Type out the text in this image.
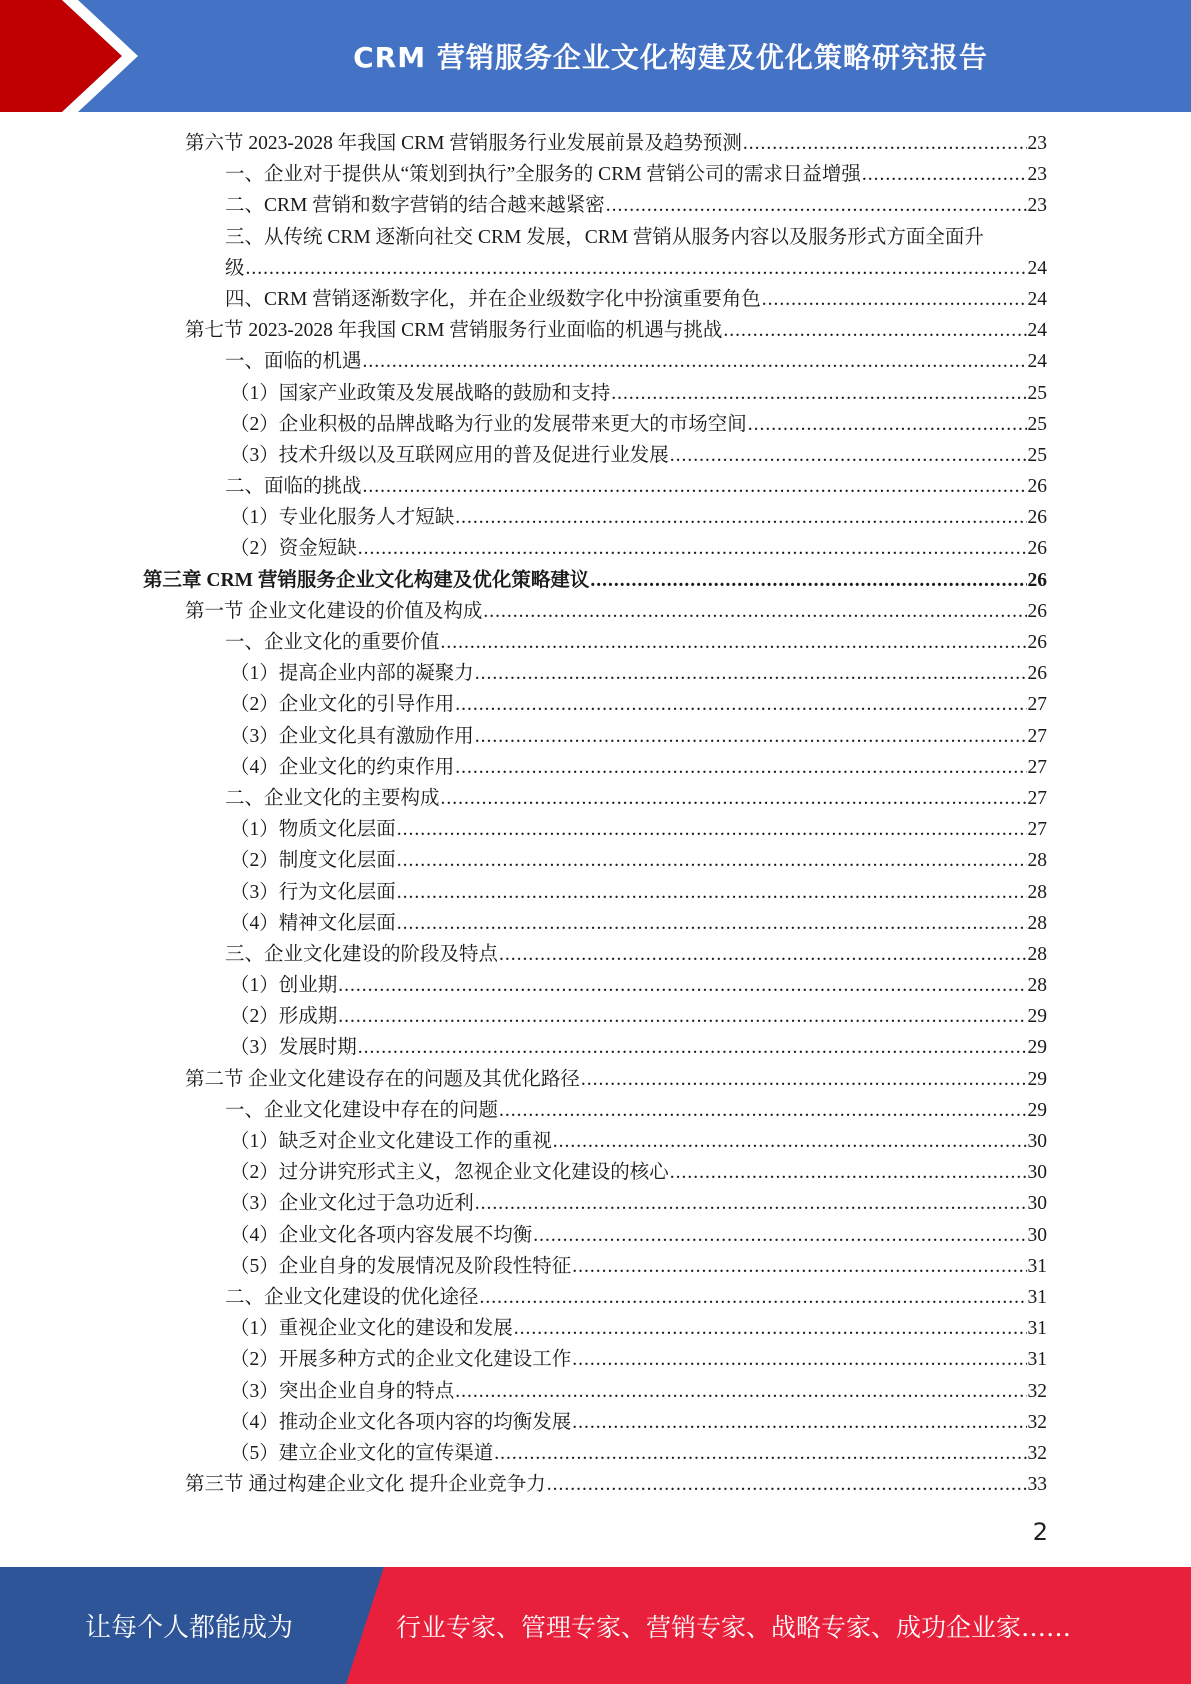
CRM 营销服务企业文化构建及优化策略研究报告
第六节 2023-2028 年我国 CRM 营销服务行业发展前景及趋势预测 .....	23
一、企业对于提供从“策划到执行”全服务的 CRM 营销公司的需求日益增强 .....	23
二、CRM 营销和数字营销的结合越来越紧密 .....	23
三、从传统 CRM 逐渐向社交 CRM 发展，CRM 营销从服务内容以及服务形式方面全面升
级 .....	24
四、CRM 营销逐渐数字化，并在企业级数字化中扮演重要角色 .....	24
第七节 2023-2028 年我国 CRM 营销服务行业面临的机遇与挑战 .....	24
一、面临的机遇 .....	24
（1）国家产业政策及发展战略的鼓励和支持 .....	25
（2）企业积极的品牌战略为行业的发展带来更大的市场空间 .....	25
（3）技术升级以及互联网应用的普及促进行业发展 .....	25
二、面临的挑战 .....	26
（1）专业化服务人才短缺 .....	26
（2）资金短缺 .....	26
第三章 CRM 营销服务企业文化构建及优化策略建议 .....	26
第一节 企业文化建设的价值及构成 .....	26
一、企业文化的重要价值 .....	26
（1）提高企业内部的凝聚力 .....	26
（2）企业文化的引导作用 .....	27
（3）企业文化具有激励作用 .....	27
（4）企业文化的约束作用 .....	27
二、企业文化的主要构成 .....	27
（1）物质文化层面 .....	27
（2）制度文化层面 .....	28
（3）行为文化层面 .....	28
（4）精神文化层面 .....	28
三、企业文化建设的阶段及特点 .....	28
（1）创业期 .....	28
（2）形成期 .....	29
（3）发展时期 .....	29
第二节 企业文化建设存在的问题及其优化路径 .....	29
一、企业文化建设中存在的问题 .....	29
（1）缺乏对企业文化建设工作的重视 .....	30
（2）过分讲究形式主义，忽视企业文化建设的核心 .....	30
（3）企业文化过于急功近利 .....	30
（4）企业文化各项内容发展不均衡 .....	30
（5）企业自身的发展情况及阶段性特征 .....	31
二、企业文化建设的优化途径 .....	31
（1）重视企业文化的建设和发展 .....	31
（2）开展多种方式的企业文化建设工作 .....	31
（3）突出企业自身的特点 .....	32
（4）推动企业文化各项内容的均衡发展 .....	32
（5）建立企业文化的宣传渠道 .....	32
第三节 通过构建企业文化 提升企业竞争力 .....	33
2
让每个人都能成为	行业专家、管理专家、营销专家、战略专家、成功企业家……
